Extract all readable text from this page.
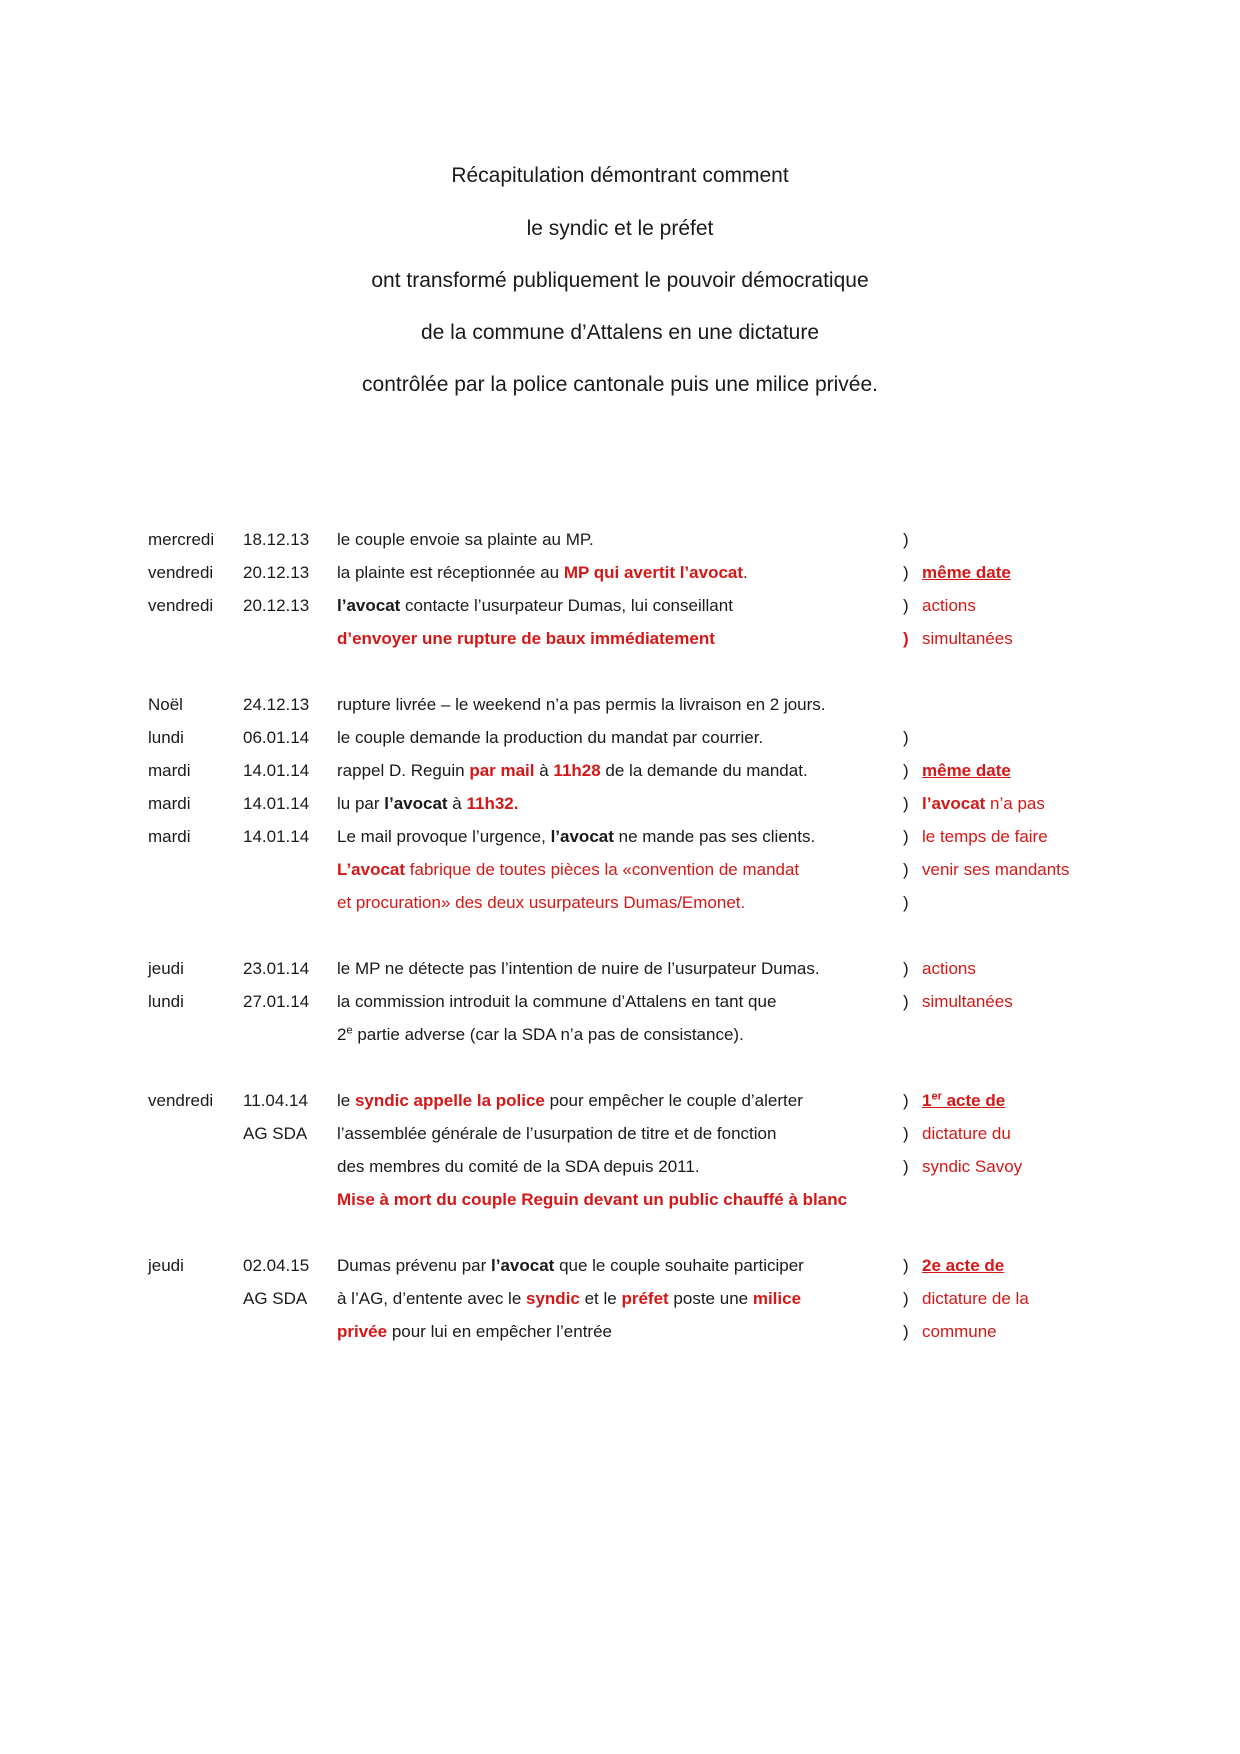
Récapitulation démontrant comment
le syndic et le préfet
ont transformé publiquement le pouvoir démocratique
de la commune d’Attalens en une dictature
contrôlée par la police cantonale puis une milice privée.
mercredi 18.12.13 le couple envoie sa plainte au MP.	)
vendredi 20.12.13 la plainte est réceptionnée au MP qui avertit l’avocat.	) même date
vendredi 20.12.13 l’avocat contacte l’usurpateur Dumas, lui conseillant	) actions
d’envoyer une rupture de baux immédiatement	) simultanées
Noël	24.12.13 rupture livrée – le weekend n’a pas permis la livraison en 2 jours.
lundi	06.01.14 le couple demande la production du mandat par courrier.	)
mardi	14.01.14 rappel D. Reguin par mail à 11h28 de la demande du mandat.	) même date
mardi	14.01.14 lu par l’avocat à 11h32.	) l’avocat n’a pas
mardi	14.01.14 Le mail provoque l’urgence, l’avocat ne mande pas ses clients.	) le temps de faire
L’avocat fabrique de toutes pièces la «convention de mandat	) venir ses mandants
et procuration» des deux usurpateurs Dumas/Emonet.	)
jeudi	23.01.14 le MP ne détecte pas l’intention de nuire de l’usurpateur Dumas.	) actions
lundi	27.01.14 la commission introduit la commune d’Attalens en tant que	) simultanées
2e partie adverse (car la SDA n’a pas de consistance).
vendredi 11.04.14 le syndic appelle la police pour empêcher le couple d’alerter	) 1er acte de
AG SDA l’assemblée générale de l’usurpation de titre et de fonction	) dictature du
des membres du comité de la SDA depuis 2011.	) syndic Savoy
Mise à mort du couple Reguin devant un public chauffé à blanc
jeudi	02.04.15 Dumas prévenu par l’avocat que le couple souhaite participer	) 2e acte de
AG SDA à l’AG, d’entente avec le syndic et le préfet poste une milice	) dictature de la
privée pour lui en empêcher l’entrée	) commune
